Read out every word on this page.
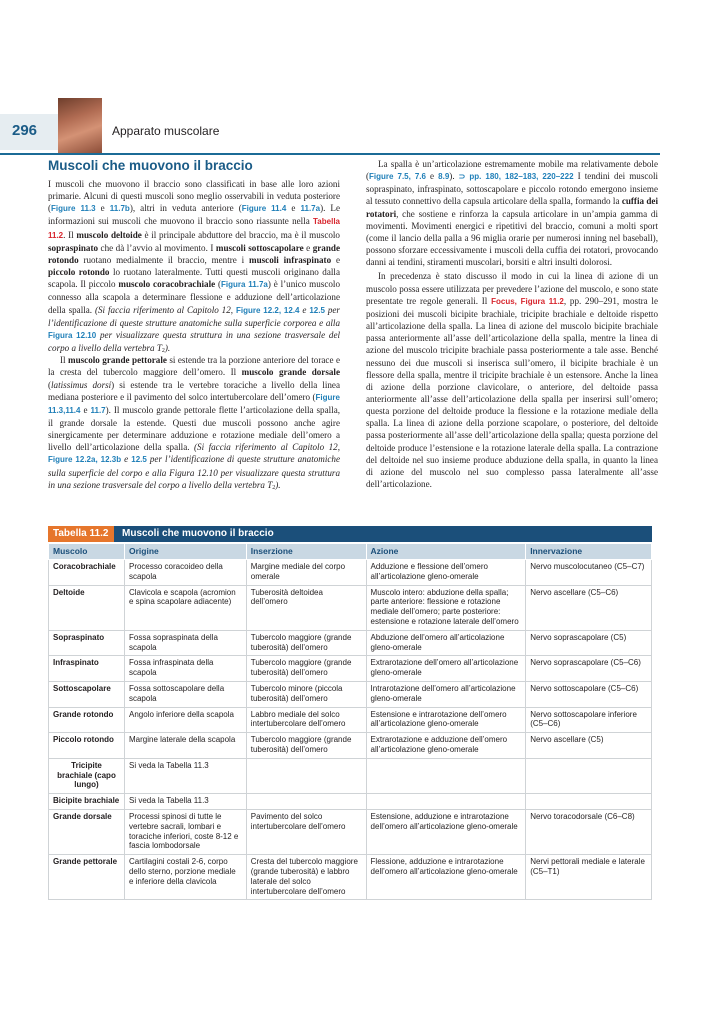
296	Apparato muscolare
Muscoli che muovono il braccio

I muscoli che muovono il braccio sono classificati in base alle loro azioni primarie. Alcuni di questi muscoli sono meglio osservabili in veduta posteriore (Figure 11.3 e 11.7b), altri in veduta anteriore (Figure 11.4 e 11.7a). Le informazioni sui muscoli che muovono il braccio sono riassunte nella Tabella 11.2. Il muscolo deltoide è il principale abduttore del braccio, ma è il muscolo sopraspinato che dà l’avvio al movimento. I muscoli sottoscapolare e grande rotondo ruotano medialmente il braccio, mentre i muscoli infraspinato e piccolo rotondo lo ruotano lateralmente. Tutti questi muscoli originano dalla scapola. Il piccolo muscolo coracobrachiale (Figura 11.7a) è l’unico muscolo connesso alla scapola a determinare flessione e adduzione dell’articolazione della spalla. (Si faccia riferimento al Capitolo 12, Figure 12.2, 12.4 e 12.5 per l’identificazione di queste strutture anatomiche sulla superficie corporea e alla Figura 12.10 per visualizzare questa struttura in una sezione trasversale del corpo a livello della vertebra $T_2$).

Il muscolo grande pettorale si estende tra la porzione anteriore del torace e la cresta del tubercolo maggiore dell’omero. Il muscolo grande dorsale (latissimus dorsi) si estende tra le vertebre toraciche a livello della linea mediana posteriore e il pavimento del solco intertubercolare dell’omero (Figure 11.3,11.4 e 11.7). Il muscolo grande pettorale flette l’articolazione della spalla, il grande dorsale la estende. Questi due muscoli possono anche agire sinergicamente per determinare adduzione e rotazione mediale dell’omero a livello dell’articolazione della spalla. (Si faccia riferimento al Capitolo 12, Figure 12.2a, 12.3b e 12.5 per l’identificazione di queste strutture anatomiche sulla superficie del corpo e alla Figura 12.10 per visualizzare questa struttura in una sezione trasversale del corpo a livello della vertebra $T_2$).

La spalla è un’articolazione estremamente mobile ma relativamente debole (Figure 7.5, 7.6 e 8.9). ⊃ pp. 180, 182–183, 220–222 I tendini dei muscoli sopraspinato, infraspinato, sottoscapolare e piccolo rotondo emergono insieme al tessuto connettivo della capsula articolare della spalla, formando la cuffia dei rotatori, che sostiene e rinforza la capsula articolare in un’ampia gamma di movimenti. Movimenti energici e ripetitivi del braccio, comuni a molti sport (come il lancio della palla a 96 miglia orarie per numerosi inning nel baseball), possono sforzare eccessivamente i muscoli della cuffia dei rotatori, provocando danni ai tendini, stiramenti muscolari, borsiti e altri insulti dolorosi.

In precedenza è stato discusso il modo in cui la linea di azione di un muscolo possa essere utilizzata per prevedere l’azione del muscolo, e sono state presentate tre regole generali. Il Focus, Figura 11.2, pp. 290–291, mostra le posizioni dei muscoli bicipite brachiale, tricipite brachiale e deltoide rispetto all’articolazione della spalla. La linea di azione del muscolo bicipite brachiale passa anteriormente all’asse dell’articolazione della spalla, mentre la linea di azione del muscolo tricipite brachiale passa posteriormente a tale asse. Benché nessuno dei due muscoli si inserisca sull’omero, il bicipite brachiale è un flessore della spalla, mentre il tricipite brachiale è un estensore. Anche la linea di azione della porzione clavicolare, o anteriore, del deltoide passa anteriormente all’asse dell’articolazione della spalla per inserirsi sull’omero; questa porzione del deltoide produce la flessione e la rotazione mediale della spalla. La linea di azione della porzione scapolare, o posteriore, del deltoide passa posteriormente all’asse dell’articolazione della spalla; questa porzione del deltoide produce l’estensione e la rotazione laterale della spalla. La contrazione del deltoide nel suo insieme produce abduzione della spalla, in quanto la linea di azione del muscolo nel suo complesso passa lateralmente all’asse dell’articolazione.

Tabella 11.2	Muscoli che muovono il braccio
Muscolo	Origine	Inserzione	Azione	Innervazione
Coracobrachiale	Processo coracoideo della scapola	Margine mediale del corpo omerale	Adduzione e flessione dell’omero all’articolazione gleno-omerale	Nervo muscolocutaneo (C5–C7)
Deltoide	Clavicola e scapola (acromion e spina scapolare adiacente)	Tuberosità deltoidea dell’omero	Muscolo intero: abduzione della spalla; parte anteriore: flessione e rotazione mediale dell’omero; parte posteriore: estensione e rotazione laterale dell’omero	Nervo ascellare (C5–C6)
Sopraspinato	Fossa sopraspinata della scapola	Tubercolo maggiore (grande tuberosità) dell’omero	Abduzione dell’omero all’articolazione gleno-omerale	Nervo soprascapolare (C5)
Infraspinato	Fossa infraspinata della scapola	Tubercolo maggiore (grande tuberosità) dell’omero	Extrarotazione dell’omero all’articolazione gleno-omerale	Nervo soprascapolare (C5–C6)
Sottoscapolare	Fossa sottoscapolare della scapola	Tubercolo minore (piccola tuberosità) dell’omero	Intrarotazione dell’omero all’articolazione gleno-omerale	Nervo sottoscapolare (C5–C6)
Grande rotondo	Angolo inferiore della scapola	Labbro mediale del solco intertubercolare dell’omero	Estensione e intrarotazione dell’omero all’articolazione gleno-omerale	Nervo sottoscapolare inferiore (C5–C6)
Piccolo rotondo	Margine laterale della scapola	Tubercolo maggiore (grande tuberosità) dell’omero	Extrarotazione e adduzione dell’omero all’articolazione gleno-omerale	Nervo ascellare (C5)
Tricipite brachiale (capo lungo)	Si veda la Tabella 11.3			
Bicipite brachiale	Si veda la Tabella 11.3			
Grande dorsale	Processi spinosi di tutte le vertebre sacrali, lombari e toraciche inferiori, coste 8-12 e fascia lombodorsale	Pavimento del solco intertubercolare dell’omero	Estensione, adduzione e intrarotazione dell’omero all’articolazione gleno-omerale	Nervo toracodorsale (C6–C8)
Grande pettorale	Cartilagini costali 2-6, corpo dello sterno, porzione mediale e inferiore della clavicola	Cresta del tubercolo maggiore (grande tuberosità) e labbro laterale del solco intertubercolare dell’omero	Flessione, adduzione e intrarotazione dell’omero all’articolazione gleno-omerale	Nervi pettorali mediale e laterale (C5–T1)
